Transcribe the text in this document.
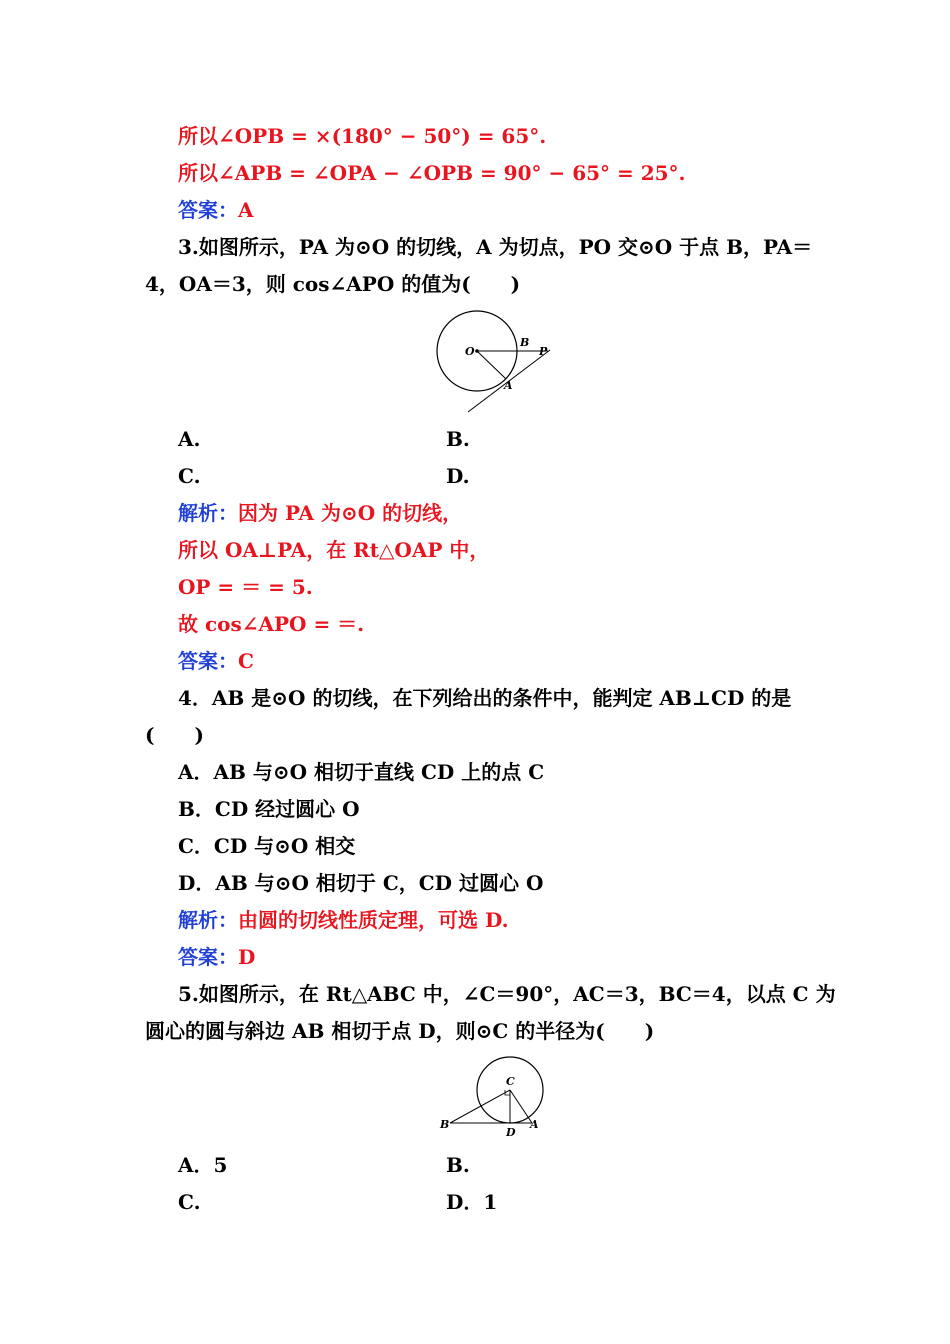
所以∠OPB = ×(180° − 50°) = 65°.
所以∠APB = ∠OPA − ∠OPB = 90° − 65° = 25°.
答案：A
3.如图所示，PA 为⊙O 的切线，A 为切点，PO 交⊙O 于点 B，PA＝
4，OA＝3，则 cos∠APO 的值为(　　)
O
B
P
A
A.	B.
C.	D.
解析：因为 PA 为⊙O 的切线，
所以 OA⊥PA，在 Rt△OAP 中，
OP = ＝ = 5.
故 cos∠APO = ＝.
答案：C
4．AB 是⊙O 的切线，在下列给出的条件中，能判定 AB⊥CD 的是
(　　)
A．AB 与⊙O 相切于直线 CD 上的点 C
B．CD 经过圆心 O
C．CD 与⊙O 相交
D．AB 与⊙O 相切于 C，CD 过圆心 O
解析：由圆的切线性质定理，可选 D.
答案：D
5.如图所示，在 Rt△ABC 中，∠C＝90°，AC＝3，BC＝4，以点 C 为
圆心的圆与斜边 AB 相切于点 D，则⊙C 的半径为(　　)
C
B
D
A
A．5	B.
C.	D．1
